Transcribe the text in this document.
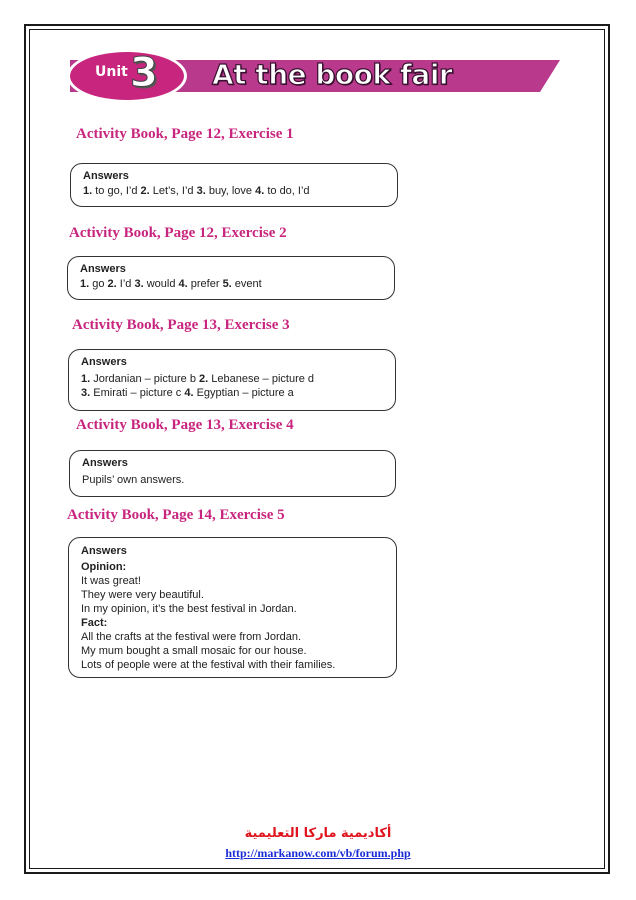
Unit 3 At the book fair
Activity Book, Page 12, Exercise 1
Answers
1. to go, I’d 2. Let’s, I’d 3. buy, love 4. to do, I’d
Activity Book, Page 12, Exercise 2
Answers
1. go 2. I’d 3. would 4. prefer 5. event
Activity Book, Page 13, Exercise 3
Answers
1. Jordanian – picture b 2. Lebanese – picture d
3. Emirati – picture c 4. Egyptian – picture a
Activity Book, Page 13, Exercise 4
Answers
Pupils’ own answers.
Activity Book, Page 14, Exercise 5
Answers
Opinion:
It was great!
They were very beautiful.
In my opinion, it’s the best festival in Jordan.
Fact:
All the crafts at the festival were from Jordan.
My mum bought a small mosaic for our house.
Lots of people were at the festival with their families.
أكاديمية ماركا التعليمية
http://markanow.com/vb/forum.php
